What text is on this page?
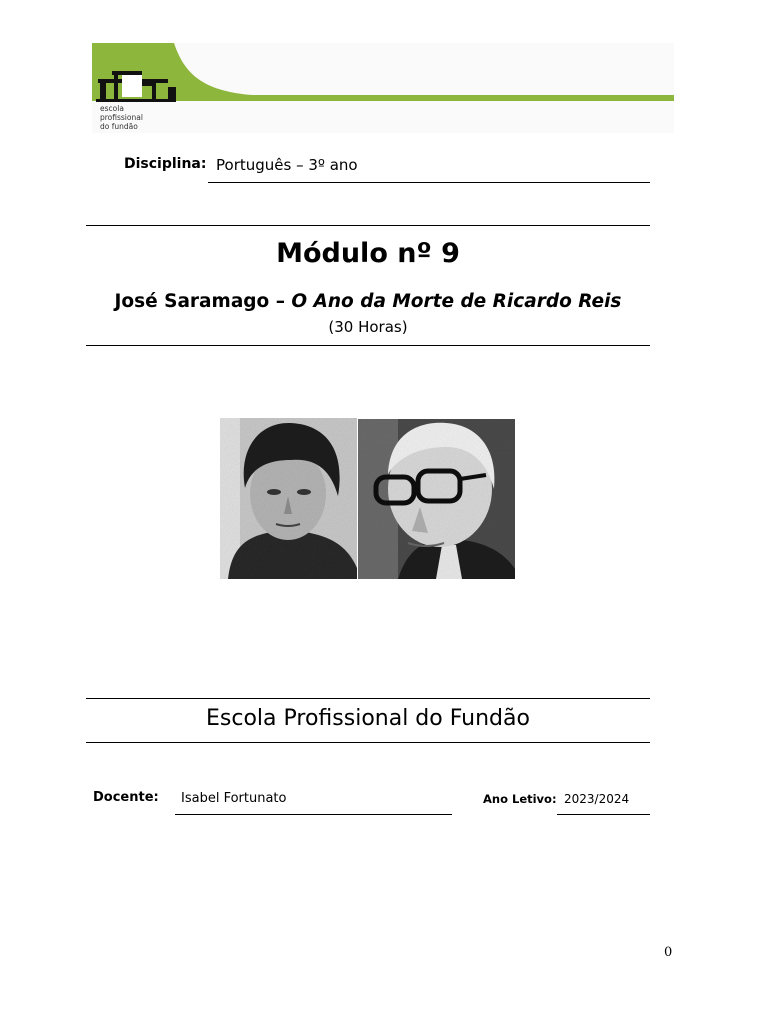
escola
profissional
do fundão
Disciplina: Português – 3º ano
Módulo nº 9
José Saramago – O Ano da Morte de Ricardo Reis
(30 Horas)
Escola Profissional do Fundão
Docente: Isabel Fortunato	Ano Letivo: 2023/2024
0
